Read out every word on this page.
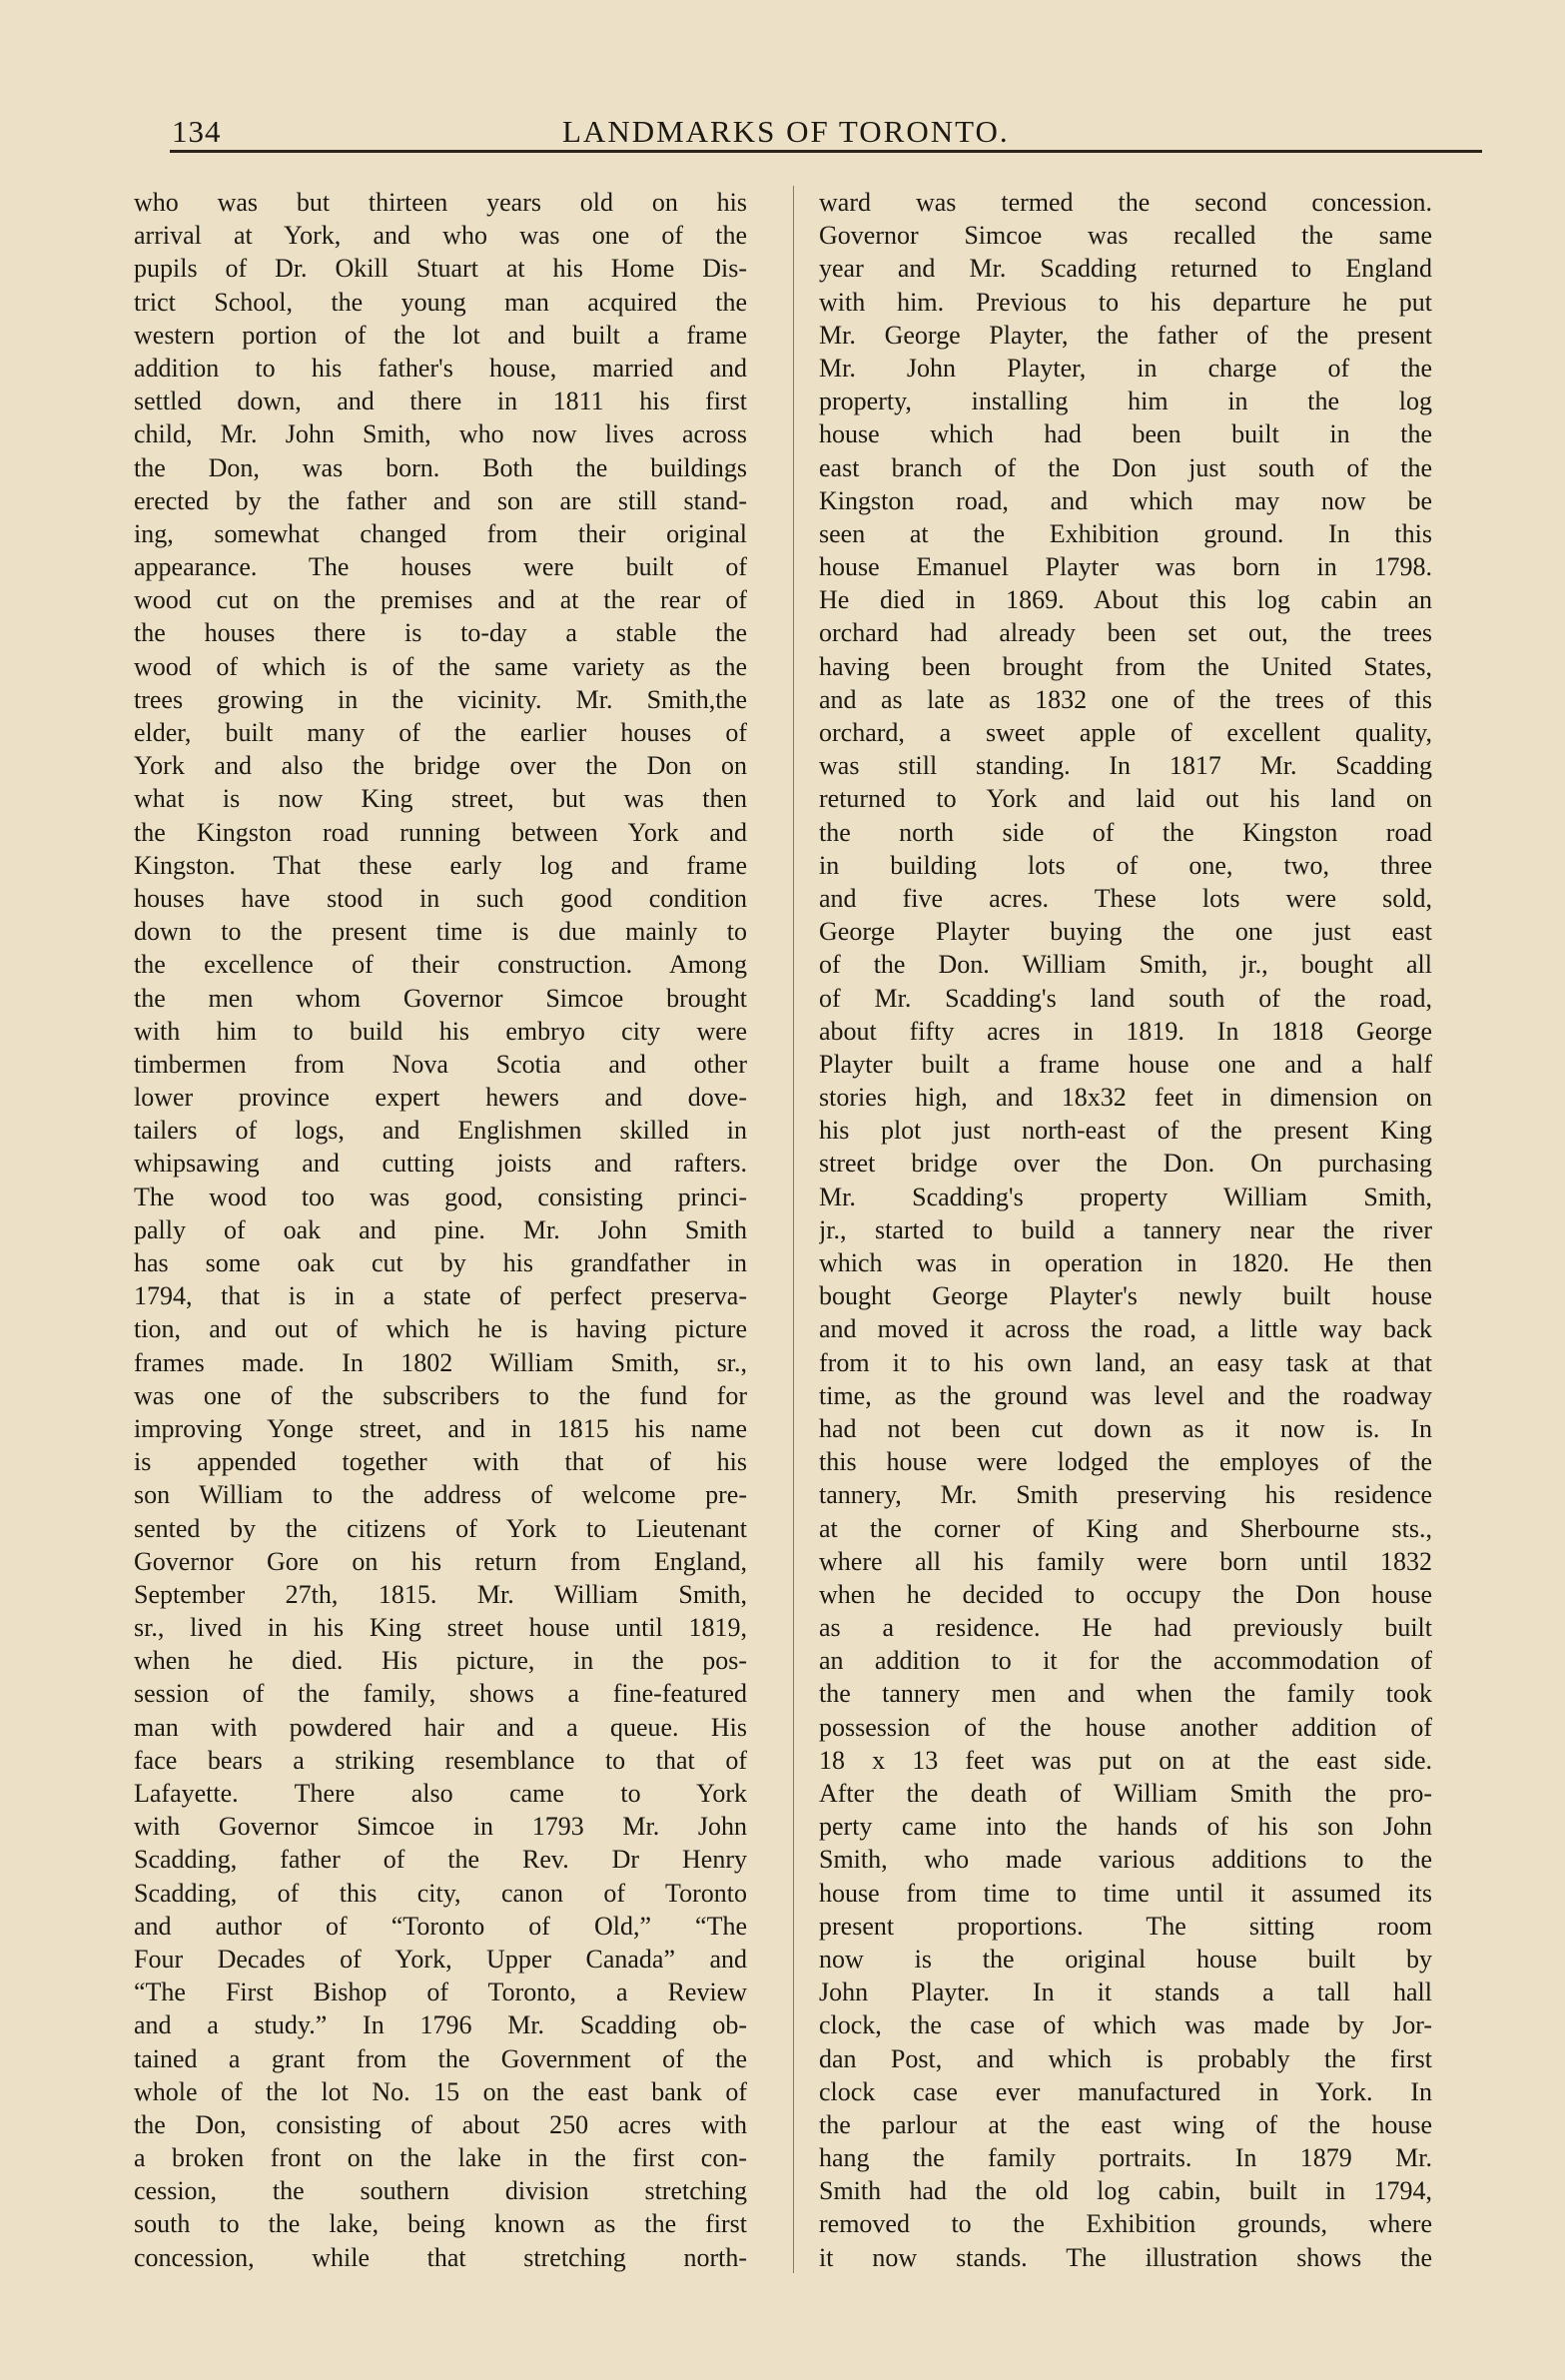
134	LANDMARKS OF TORONTO.
who was but thirteen years old on his
arrival at York, and who was one of the
pupils of Dr. Okill Stuart at his Home Dis-
trict School, the young man acquired the
western portion of the lot and built a frame
addition to his father's house, married and
settled down, and there in 1811 his first
child, Mr. John Smith, who now lives across
the Don, was born. Both the buildings
erected by the father and son are still stand-
ing, somewhat changed from their original
appearance. The houses were built of
wood cut on the premises and at the rear of
the houses there is to-day a stable the
wood of which is of the same variety as the
trees growing in the vicinity. Mr. Smith,the
elder, built many of the earlier houses of
York and also the bridge over the Don on
what is now King street, but was then
the Kingston road running between York and
Kingston. That these early log and frame
houses have stood in such good condition
down to the present time is due mainly to
the excellence of their construction. Among
the men whom Governor Simcoe brought
with him to build his embryo city were
timbermen from Nova Scotia and other
lower province expert hewers and dove-
tailers of logs, and Englishmen skilled in
whipsawing and cutting joists and rafters.
The wood too was good, consisting princi-
pally of oak and pine. Mr. John Smith
has some oak cut by his grandfather in
1794, that is in a state of perfect preserva-
tion, and out of which he is having picture
frames made. In 1802 William Smith, sr.,
was one of the subscribers to the fund for
improving Yonge street, and in 1815 his name
is appended together with that of his
son William to the address of welcome pre-
sented by the citizens of York to Lieutenant
Governor Gore on his return from England,
September 27th, 1815. Mr. William Smith,
sr., lived in his King street house until 1819,
when he died. His picture, in the pos-
session of the family, shows a fine-featured
man with powdered hair and a queue. His
face bears a striking resemblance to that of
Lafayette. There also came to York
with Governor Simcoe in 1793 Mr. John
Scadding, father of the Rev. Dr Henry
Scadding, of this city, canon of Toronto
and author of “Toronto of Old,” “The
Four Decades of York, Upper Canada” and
“The First Bishop of Toronto, a Review
and a study.” In 1796 Mr. Scadding ob-
tained a grant from the Government of the
whole of the lot No. 15 on the east bank of
the Don, consisting of about 250 acres with
a broken front on the lake in the first con-
cession, the southern division stretching
south to the lake, being known as the first
concession, while that stretching north-
ward was termed the second concession.
Governor Simcoe was recalled the same
year and Mr. Scadding returned to England
with him. Previous to his departure he put
Mr. George Playter, the father of the present
Mr. John Playter, in charge of the
property, installing him in the log
house which had been built in the
east branch of the Don just south of the
Kingston road, and which may now be
seen at the Exhibition ground. In this
house Emanuel Playter was born in 1798.
He died in 1869. About this log cabin an
orchard had already been set out, the trees
having been brought from the United States,
and as late as 1832 one of the trees of this
orchard, a sweet apple of excellent quality,
was still standing. In 1817 Mr. Scadding
returned to York and laid out his land on
the north side of the Kingston road
in building lots of one, two, three
and five acres. These lots were sold,
George Playter buying the one just east
of the Don. William Smith, jr., bought all
of Mr. Scadding's land south of the road,
about fifty acres in 1819. In 1818 George
Playter built a frame house one and a half
stories high, and 18x32 feet in dimension on
his plot just north-east of the present King
street bridge over the Don. On purchasing
Mr. Scadding's property William Smith,
jr., started to build a tannery near the river
which was in operation in 1820. He then
bought George Playter's newly built house
and moved it across the road, a little way back
from it to his own land, an easy task at that
time, as the ground was level and the roadway
had not been cut down as it now is. In
this house were lodged the employes of the
tannery, Mr. Smith preserving his residence
at the corner of King and Sherbourne sts.,
where all his family were born until 1832
when he decided to occupy the Don house
as a residence. He had previously built
an addition to it for the accommodation of
the tannery men and when the family took
possession of the house another addition of
18 x 13 feet was put on at the east side.
After the death of William Smith the pro-
perty came into the hands of his son John
Smith, who made various additions to the
house from time to time until it assumed its
present proportions. The sitting room
now is the original house built by
John Playter. In it stands a tall hall
clock, the case of which was made by Jor-
dan Post, and which is probably the first
clock case ever manufactured in York. In
the parlour at the east wing of the house
hang the family portraits. In 1879 Mr.
Smith had the old log cabin, built in 1794,
removed to the Exhibition grounds, where
it now stands. The illustration shows the
